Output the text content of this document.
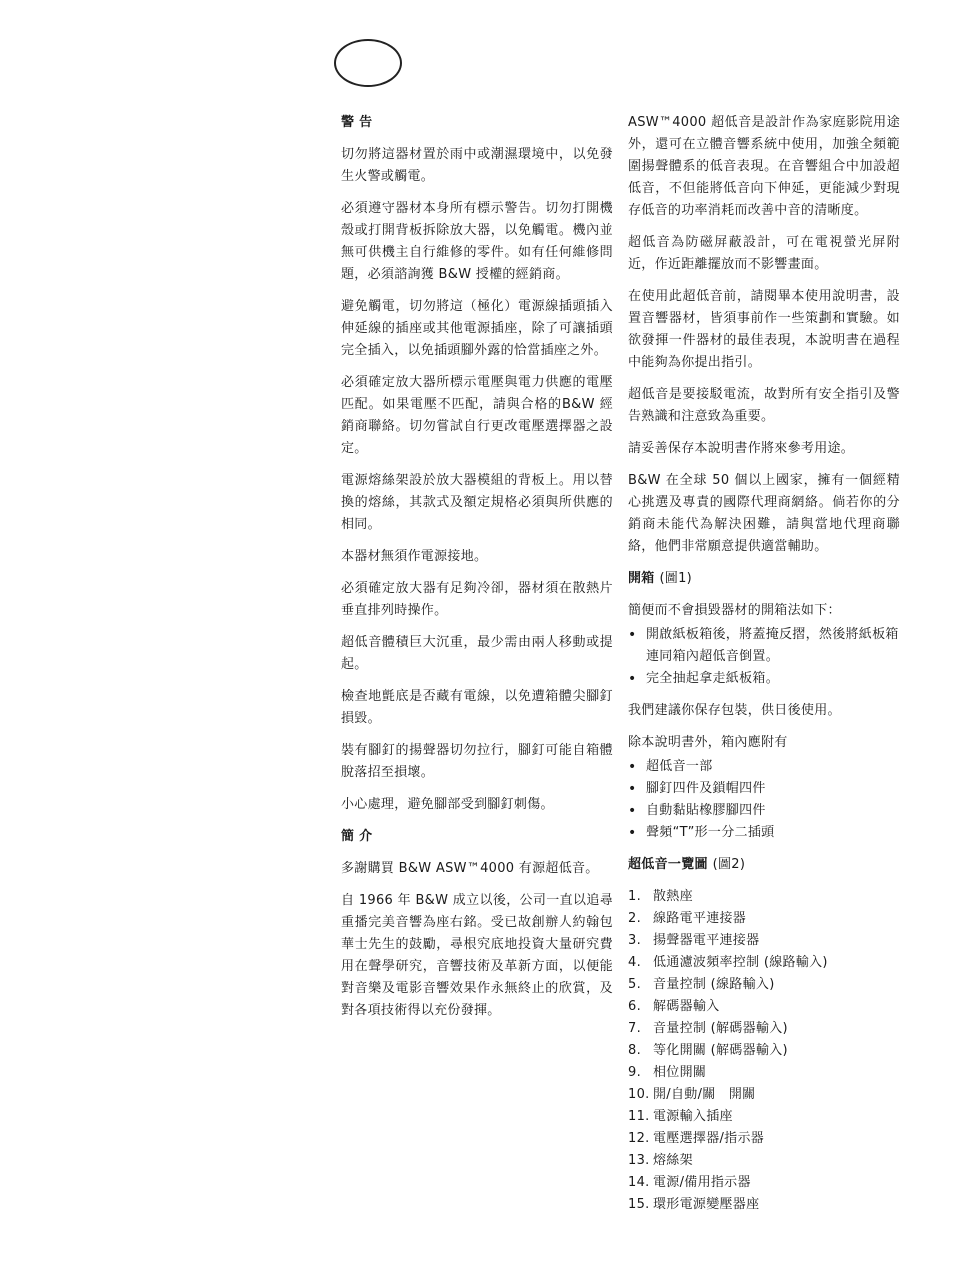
警 告

切勿將這器材置於雨中或潮濕環境中，以免發生火警或觸電。

必須遵守器材本身所有標示警告。切勿打開機殼或打開背板拆除放大器，以免觸電。機內並無可供機主自行維修的零件。如有任何維修問題，必須諮詢獲 B&W 授權的經銷商。

避免觸電，切勿將這（極化）電源線插頭插入伸延線的插座或其他電源插座，除了可讓插頭完全插入，以免插頭腳外露的恰當插座之外。

必須確定放大器所標示電壓與電力供應的電壓匹配。如果電壓不匹配，請與合格的B&W 經銷商聯絡。切勿嘗試自行更改電壓選擇器之設定。

電源熔絲架設於放大器模組的背板上。用以替換的熔絲，其款式及額定規格必須與所供應的相同。

本器材無須作電源接地。

必須確定放大器有足夠冷卻，器材須在散熱片垂直排列時操作。

超低音體積巨大沉重，最少需由兩人移動或提起。

檢查地氈底是否藏有電線，以免遭箱體尖腳釘損毀。

裝有腳釘的揚聲器切勿拉行，腳釘可能自箱體脫落招至損壞。

小心處理，避免腳部受到腳釘刺傷。

簡 介

多謝購買 B&W ASW™4000 有源超低音。

自 1966 年 B&W 成立以後，公司一直以追尋重播完美音響為座右銘。受已故創辦人約翰包華士先生的鼓勵，尋根究底地投資大量研究費用在聲學研究，音響技術及革新方面，以便能對音樂及電影音響效果作永無終止的欣賞，及對各項技術得以充份發揮。

ASW™4000 超低音是設計作為家庭影院用途外，還可在立體音響系統中使用，加強全頻範圍揚聲體系的低音表現。在音響組合中加設超低音，不但能將低音向下伸延，更能減少對現存低音的功率消耗而改善中音的清晰度。

超低音為防磁屏蔽設計，可在電視螢光屏附近，作近距離擺放而不影響畫面。

在使用此超低音前，請閱畢本使用說明書，設置音響器材，皆須事前作一些策劃和實驗。如欲發揮一件器材的最佳表現，本說明書在過程中能夠為你提出指引。

超低音是要接駁電流，故對所有安全指引及警告熟識和注意致為重要。

請妥善保存本說明書作將來參考用途。

B&W 在全球 50 個以上國家，擁有一個經精心挑選及專責的國際代理商網絡。倘若你的分銷商未能代為解決困難，請與當地代理商聯絡，他們非常願意提供適當輔助。

開箱 (圖1)

簡便而不會損毀器材的開箱法如下：

• 開啟紙板箱後，將蓋掩反摺，然後將紙板箱連同箱內超低音倒置。
• 完全抽起拿走紙板箱。

我們建議你保存包裝，供日後使用。

除本說明書外，箱內應附有

• 超低音一部
• 腳釘四件及鎖帽四件
• 自動黏貼橡膠腳四件
• 聲頻“T”形一分二插頭
超低音一覽圖 (圖2)
1. 散熱座
2. 線路電平連接器
3. 揚聲器電平連接器
4. 低通濾波頻率控制 (線路輸入)
5. 音量控制 (線路輸入)
6. 解碼器輸入
7. 音量控制 (解碼器輸入)
8. 等化開關 (解碼器輸入)
9. 相位開關
10. 開/自動/關　開關
11. 電源輸入插座
12. 電壓選擇器/指示器
13. 熔絲架
14. 電源/備用指示器
15. 環形電源變壓器座
